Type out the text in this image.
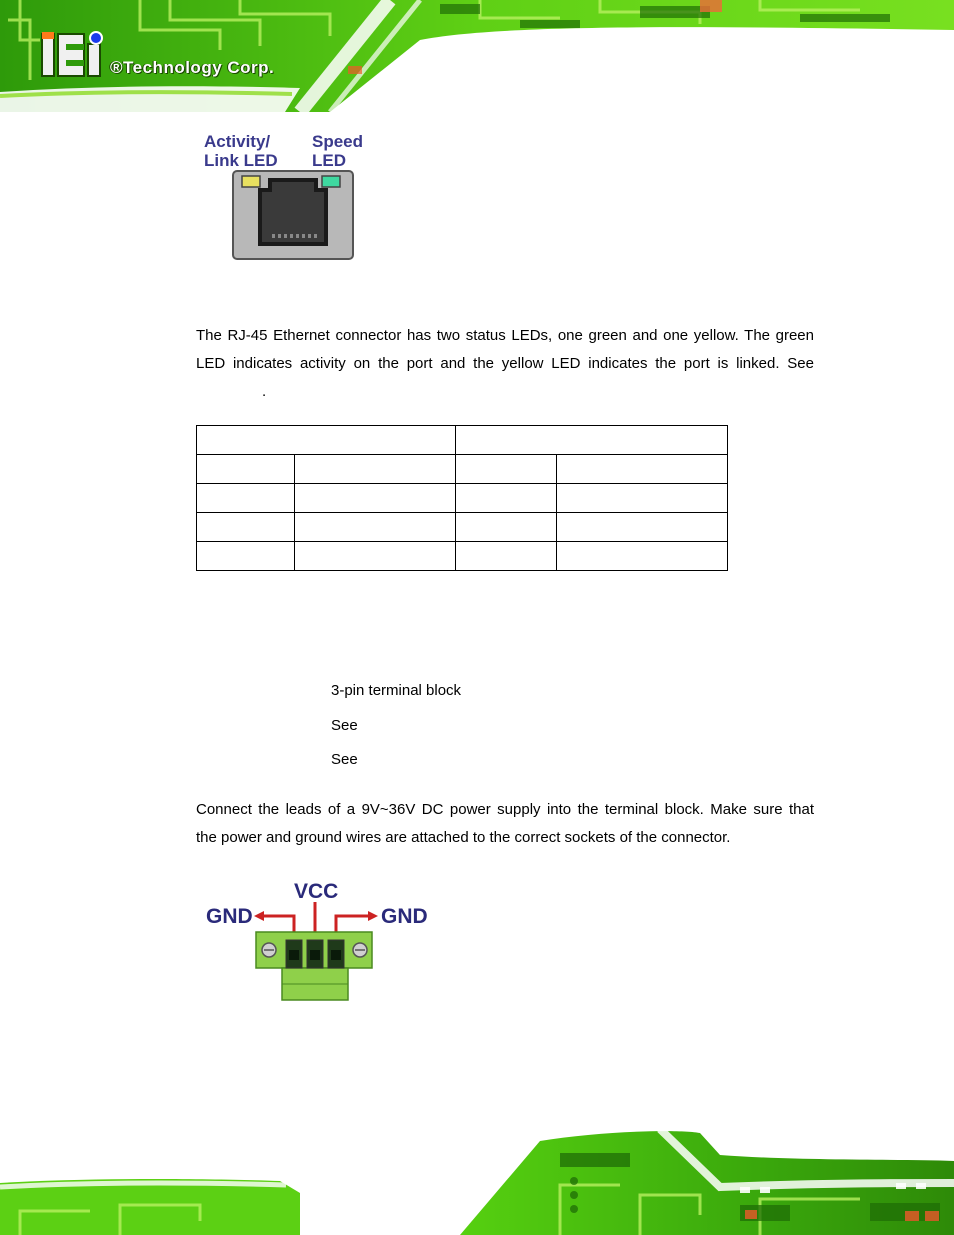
®Technology Corp.
Activity/
Link LED
Speed
LED
The RJ-45 Ethernet connector has two status LEDs, one green and one yellow. The green
LED indicates activity on the port and the yellow LED indicates the port is linked. See
.

3-pin terminal block
See
See
Connect the leads of a 9V~36V DC power supply into the terminal block. Make sure that
the power and ground wires are attached to the correct sockets of the connector.
VCC
GND	GND
